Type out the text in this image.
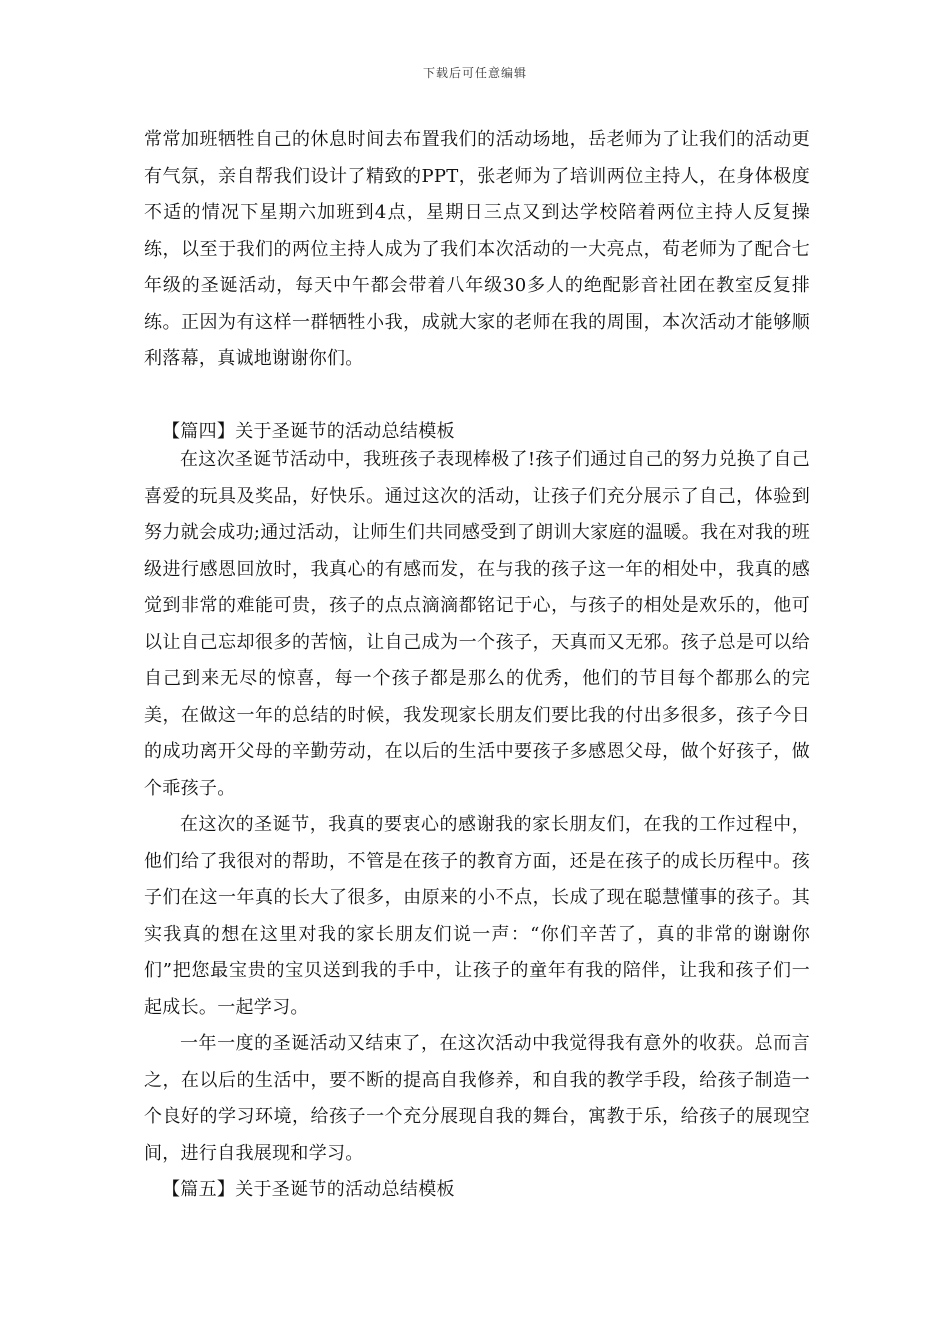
下载后可任意编辑

常常加班牺牲自己的休息时间去布置我们的活动场地，岳老师为了让我们的活动更有气氛，亲自帮我们设计了精致的PPT，张老师为了培训两位主持人，在身体极度不适的情况下星期六加班到4点，星期日三点又到达学校陪着两位主持人反复操练，以至于我们的两位主持人成为了我们本次活动的一大亮点，荀老师为了配合七年级的圣诞活动，每天中午都会带着八年级30多人的绝配影音社团在教室反复排练。正因为有这样一群牺牲小我，成就大家的老师在我的周围，本次活动才能够顺利落幕，真诚地谢谢你们。

【篇四】关于圣诞节的活动总结模板

在这次圣诞节活动中，我班孩子表现棒极了!孩子们通过自己的努力兑换了自己喜爱的玩具及奖品，好快乐。通过这次的活动，让孩子们充分展示了自己，体验到努力就会成功;通过活动，让师生们共同感受到了朗训大家庭的温暖。我在对我的班级进行感恩回放时，我真心的有感而发，在与我的孩子这一年的相处中，我真的感觉到非常的难能可贵，孩子的点点滴滴都铭记于心，与孩子的相处是欢乐的，他可以让自己忘却很多的苦恼，让自己成为一个孩子，天真而又无邪。孩子总是可以给自己到来无尽的惊喜，每一个孩子都是那么的优秀，他们的节目每个都那么的完美，在做这一年的总结的时候，我发现家长朋友们要比我的付出多很多，孩子今日的成功离开父母的辛勤劳动，在以后的生活中要孩子多感恩父母，做个好孩子，做个乖孩子。

在这次的圣诞节，我真的要衷心的感谢我的家长朋友们，在我的工作过程中，他们给了我很对的帮助，不管是在孩子的教育方面，还是在孩子的成长历程中。孩子们在这一年真的长大了很多，由原来的小不点，长成了现在聪慧懂事的孩子。其实我真的想在这里对我的家长朋友们说一声：“你们辛苦了，真的非常的谢谢你们”把您最宝贵的宝贝送到我的手中，让孩子的童年有我的陪伴，让我和孩子们一起成长。一起学习。

一年一度的圣诞活动又结束了，在这次活动中我觉得我有意外的收获。总而言之，在以后的生活中，要不断的提高自我修养，和自我的教学手段，给孩子制造一个良好的学习环境，给孩子一个充分展现自我的舞台，寓教于乐，给孩子的展现空间，进行自我展现和学习。

【篇五】关于圣诞节的活动总结模板
